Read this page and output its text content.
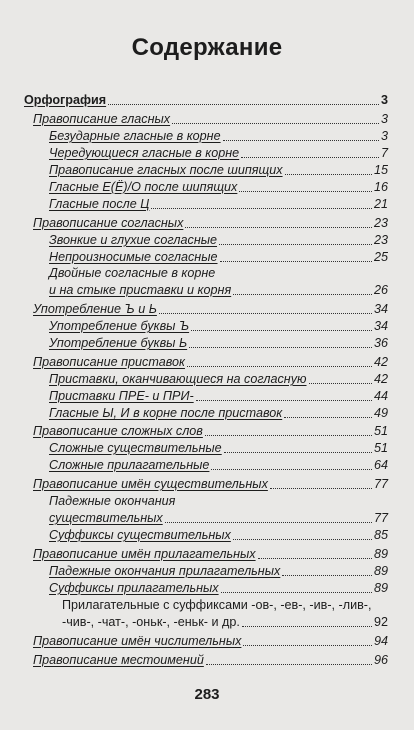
Содержание
Орфография	3
Правописание гласных	3
Безударные гласные в корне	3
Чередующиеся гласные в корне	7
Правописание гласных после шипящих	15
Гласные Е(Ё)/О после шипящих	16
Гласные после Ц	21
Правописание согласных	23
Звонкие и глухие согласные	23
Непроизносимые согласные	25
Двойные согласные в корне
и на стыке приставки и корня	26
Употребление Ъ и Ь	34
Употребление буквы Ъ	34
Употребление буквы Ь	36
Правописание приставок	42
Приставки, оканчивающиеся на согласную	42
Приставки ПРЕ- и ПРИ-	44
Гласные Ы, И в корне после приставок	49
Правописание сложных слов	51
Сложные существительные	51
Сложные прилагательные	64
Правописание имён существительных	77
Падежные окончания
существительных	77
Суффиксы существительных	85
Правописание имён прилагательных	89
Падежные окончания прилагательных	89
Суффиксы прилагательных	89
Прилагательные с суффиксами -ов-, -ев-, -ив-, -лив-,
-чив-, -чат-, -оньк-, -еньк- и др.	92
Правописание имён числительных	94
Правописание местоимений	96
283
